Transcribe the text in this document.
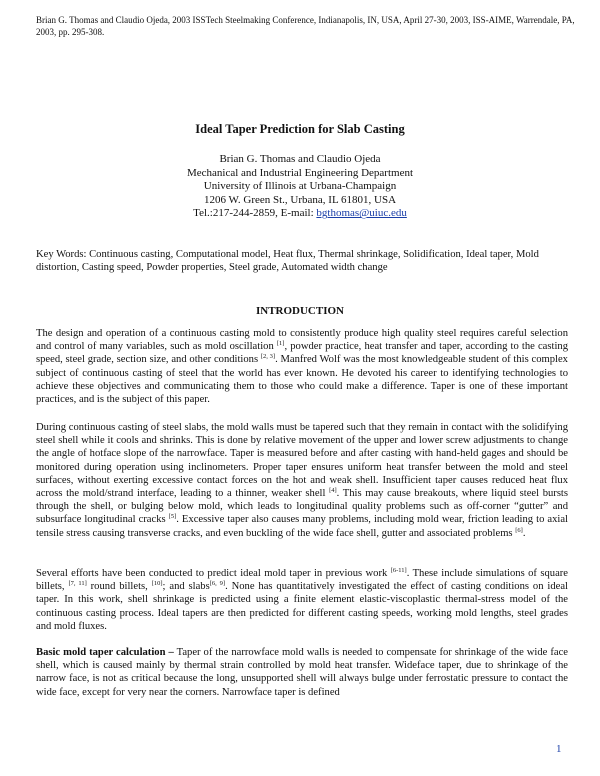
Brian G. Thomas and Claudio Ojeda, 2003 ISSTech Steelmaking Conference, Indianapolis, IN, USA, April 27-30, 2003, ISS-AIME, Warrendale, PA, 2003, pp. 295-308.
Ideal Taper Prediction for Slab Casting
Brian G. Thomas and Claudio Ojeda
Mechanical and Industrial Engineering Department
University of Illinois at Urbana-Champaign
1206 W. Green St., Urbana, IL 61801, USA
Tel.:217-244-2859, E-mail: bgthomas@uiuc.edu
Key Words: Continuous casting, Computational model, Heat flux, Thermal shrinkage, Solidification, Ideal taper, Mold distortion, Casting speed, Powder properties, Steel grade, Automated width change
INTRODUCTION

The design and operation of a continuous casting mold to consistently produce high quality steel requires careful selection and control of many variables, such as mold oscillation [1], powder practice, heat transfer and taper, according to the casting speed, steel grade, section size, and other conditions [2, 3]. Manfred Wolf was the most knowledgeable student of this complex subject of continuous casting of steel that the world has ever known. He devoted his career to identifying technologies to achieve these objectives and communicating them to those who could make a difference. Taper is one of these important practices, and is the subject of this paper.

During continuous casting of steel slabs, the mold walls must be tapered such that they remain in contact with the solidifying steel shell while it cools and shrinks. This is done by relative movement of the upper and lower screw adjustments to change the angle of hotface slope of the narrowface. Taper is measured before and after casting with hand-held gages and should be monitored during operation using inclinometers. Proper taper ensures uniform heat transfer between the mold and steel surfaces, without exerting excessive contact forces on the hot and weak shell. Insufficient taper causes reduced heat flux across the mold/strand interface, leading to a thinner, weaker shell [4]. This may cause breakouts, where liquid steel bursts through the shell, or bulging below mold, which leads to longitudinal quality problems such as off-corner “gutter” and subsurface longitudinal cracks [5]. Excessive taper also causes many problems, including mold wear, friction leading to axial tensile stress causing transverse cracks, and even buckling of the wide face shell, gutter and associated problems [6].

Several efforts have been conducted to predict ideal mold taper in previous work [6-11]. These include simulations of square billets, [7, 11] round billets, [10]; and slabs[6, 9]. None has quantitatively investigated the effect of casting conditions on ideal taper. In this work, shell shrinkage is predicted using a finite element elastic-viscoplastic thermal-stress model of the continuous casting process. Ideal tapers are then predicted for different casting speeds, working mold lengths, steel grades and mold fluxes.

Basic mold taper calculation – Taper of the narrowface mold walls is needed to compensate for shrinkage of the wide face shell, which is caused mainly by thermal strain controlled by mold heat transfer. Wideface taper, due to shrinkage of the narrow face, is not as critical because the long, unsupported shell will always bulge under ferrostatic pressure to contact the wide face, except for very near the corners. Narrowface taper is defined

1
